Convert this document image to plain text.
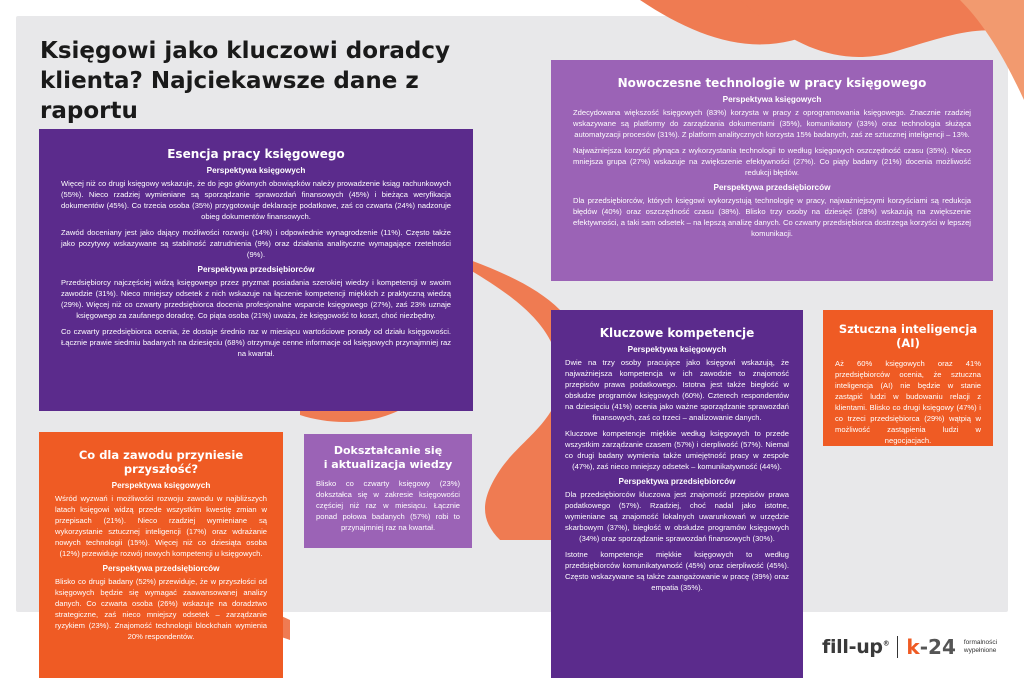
Księgowi jako kluczowi doradcy klienta? Najciekawsze dane z raportu
Esencja pracy księgowego
Perspektywa księgowych

Więcej niż co drugi księgowy wskazuje, że do jego głównych obowiązków należy prowadzenie ksiąg rachunkowych (55%). Nieco rzadziej wymieniane są sporządzanie sprawozdań finansowych (45%) i bieżąca weryfikacja dokumentów (45%). Co trzecia osoba (35%) przygotowuje deklaracje podatkowe, zaś co czwarta (24%) nadzoruje obieg dokumentów finansowych.

Zawód doceniany jest jako dający możliwości rozwoju (14%) i odpowiednie wynagrodzenie (11%). Często także jako pozytywy wskazywane są stabilność zatrudnienia (9%) oraz działania analityczne wymagające rzetelności (9%).

Perspektywa przedsiębiorców

Przedsiębiorcy najczęściej widzą księgowego przez pryzmat posiadania szerokiej wiedzy i kompetencji w swoim zawodzie (31%). Nieco mniejszy odsetek z nich wskazuje na łączenie kompetencji miękkich z praktyczną wiedzą (29%). Więcej niż co czwarty przedsiębiorca docenia profesjonalne wsparcie księgowego (27%), zaś 23% uznaje księgowego za zaufanego doradcę. Co piąta osoba (21%) uważa, że księgowość to koszt, choć niezbędny.

Co czwarty przedsiębiorca ocenia, że dostaje średnio raz w miesiącu wartościowe porady od działu księgowości. Łącznie prawie siedmiu badanych na dziesięciu (68%) otrzymuje cenne informacje od księgowych przynajmniej raz na kwartał.

Nowoczesne technologie w pracy księgowego
Perspektywa księgowych

Zdecydowana większość księgowych (83%) korzysta w pracy z oprogramowania księgowego. Znacznie rzadziej wskazywane są platformy do zarządzania dokumentami (35%), komunikatory (33%) oraz technologia służąca automatyzacji procesów (31%). Z platform analitycznych korzysta 15% badanych, zaś ze sztucznej inteligencji – 13%.

Najważniejsza korzyść płynąca z wykorzystania technologii to według księgowych oszczędność czasu (35%). Nieco mniejsza grupa (27%) wskazuje na zwiększenie efektywności (27%). Co piąty badany (21%) docenia możliwość redukcji błędów.

Perspektywa przedsiębiorców

Dla przedsiębiorców, których księgowi wykorzystują technologię w pracy, najważniejszymi korzyściami są redukcja błędów (40%) oraz oszczędność czasu (38%). Blisko trzy osoby na dziesięć (28%) wskazują na zwiększenie efektywności, a taki sam odsetek – na lepszą analizę danych. Co czwarty przedsiębiorca dostrzega korzyści w lepszej komunikacji.

Sztuczna inteligencja (AI)

Aż 60% księgowych oraz 41% przedsiębiorców ocenia, że sztuczna inteligencja (AI) nie będzie w stanie zastąpić ludzi w budowaniu relacji z klientami. Blisko co drugi księgowy (47%) i co trzeci przedsiębiorca (29%) wątpią w możliwość zastąpienia ludzi w negocjacjach.

Co dla zawodu przyniesie przyszłość?
Perspektywa księgowych

Wśród wyzwań i możliwości rozwoju zawodu w najbliższych latach księgowi widzą przede wszystkim kwestię zmian w przepisach (21%). Nieco rzadziej wymieniane są wykorzystanie sztucznej inteligencji (17%) oraz wdrażanie nowych technologii (15%). Więcej niż co dziesiąta osoba (12%) przewiduje rozwój nowych kompetencji u księgowych.

Perspektywa przedsiębiorców

Blisko co drugi badany (52%) przewiduje, że w przyszłości od księgowych będzie się wymagać zaawansowanej analizy danych. Co czwarta osoba (26%) wskazuje na doradztwo strategiczne, zaś nieco mniejszy odsetek – zarządzanie ryzykiem (23%). Znajomość technologii blockchain wymienia 20% respondentów.

Dokształcanie się
i aktualizacja wiedzy

Blisko co czwarty księgowy (23%) dokształca się w zakresie księgowości częściej niż raz w miesiącu. Łącznie ponad połowa badanych (57%) robi to przynajmniej raz na kwartał.

Kluczowe kompetencje
Perspektywa księgowych

Dwie na trzy osoby pracujące jako księgowi wskazują, że najważniejsza kompetencja w ich zawodzie to znajomość przepisów prawa podatkowego. Istotna jest także biegłość w obsłudze programów księgowych (60%). Czterech respondentów na dziesięciu (41%) ocenia jako ważne sporządzanie sprawozdań finansowych, zaś co trzeci – analizowanie danych.

Kluczowe kompetencje miękkie według księgowych to przede wszystkim zarządzanie czasem (57%) i cierpliwość (57%). Niemal co drugi badany wymienia także umiejętność pracy w zespole (47%), zaś nieco mniejszy odsetek – komunikatywność (44%).

Perspektywa przedsiębiorców

Dla przedsiębiorców kluczowa jest znajomość przepisów prawa podatkowego (57%). Rzadziej, choć nadal jako istotne, wymieniane są znajomość lokalnych uwarunkowań w urzędzie skarbowym (37%), biegłość w obsłudze programów księgowych (34%) oraz sporządzanie sprawozdań finansowych (30%).

Istotne kompetencje miękkie księgowych to według przedsiębiorców komunikatywność (45%) oraz cierpliwość (45%). Często wskazywane są także zaangażowanie w pracę (39%) oraz empatia (35%).

fill-up® k-24 formalności
wypełnione
